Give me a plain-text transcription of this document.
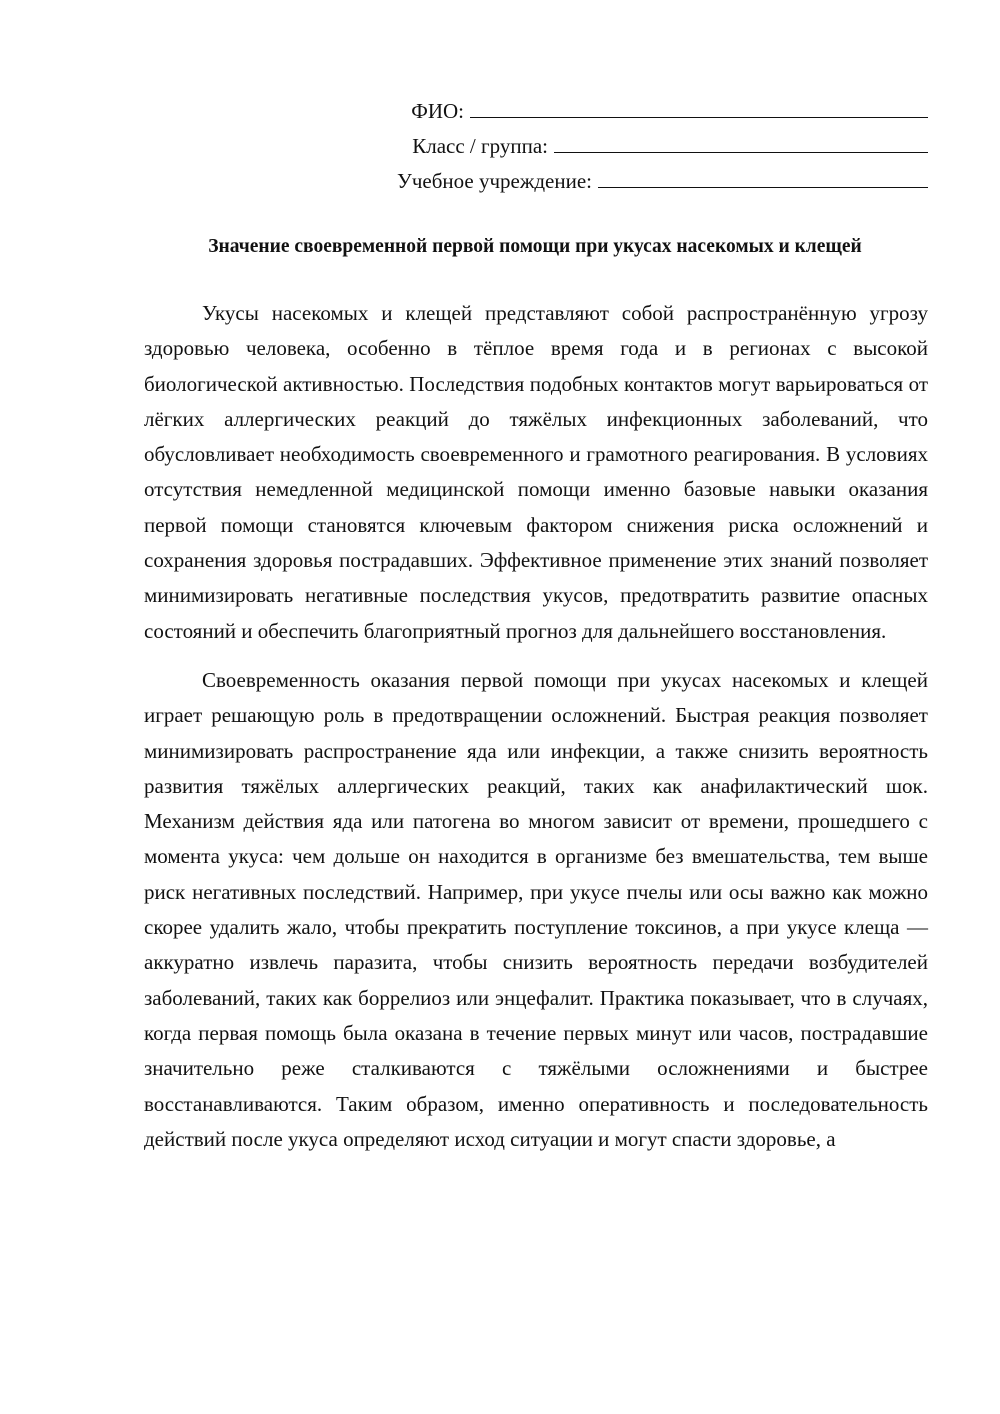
ФИО:
Класс / группа:
Учебное учреждение:
Значение своевременной первой помощи при укусах насекомых и клещей

Укусы насекомых и клещей представляют собой распространённую угрозу здоровью человека, особенно в тёплое время года и в регионах с высокой биологической активностью. Последствия подобных контактов могут варьироваться от лёгких аллергических реакций до тяжёлых инфекционных заболеваний, что обусловливает необходимость своевременного и грамотного реагирования. В условиях отсутствия немедленной медицинской помощи именно базовые навыки оказания первой помощи становятся ключевым фактором снижения риска осложнений и сохранения здоровья пострадавших. Эффективное применение этих знаний позволяет минимизировать негативные последствия укусов, предотвратить развитие опасных состояний и обеспечить благоприятный прогноз для дальнейшего восстановления.

Своевременность оказания первой помощи при укусах насекомых и клещей играет решающую роль в предотвращении осложнений. Быстрая реакция позволяет минимизировать распространение яда или инфекции, а также снизить вероятность развития тяжёлых аллергических реакций, таких как анафилактический шок. Механизм действия яда или патогена во многом зависит от времени, прошедшего с момента укуса: чем дольше он находится в организме без вмешательства, тем выше риск негативных последствий. Например, при укусе пчелы или осы важно как можно скорее удалить жало, чтобы прекратить поступление токсинов, а при укусе клеща — аккуратно извлечь паразита, чтобы снизить вероятность передачи возбудителей заболеваний, таких как боррелиоз или энцефалит. Практика показывает, что в случаях, когда первая помощь была оказана в течение первых минут или часов, пострадавшие значительно реже сталкиваются с тяжёлыми осложнениями и быстрее восстанавливаются. Таким образом, именно оперативность и последовательность действий после укуса определяют исход ситуации и могут спасти здоровье, а
